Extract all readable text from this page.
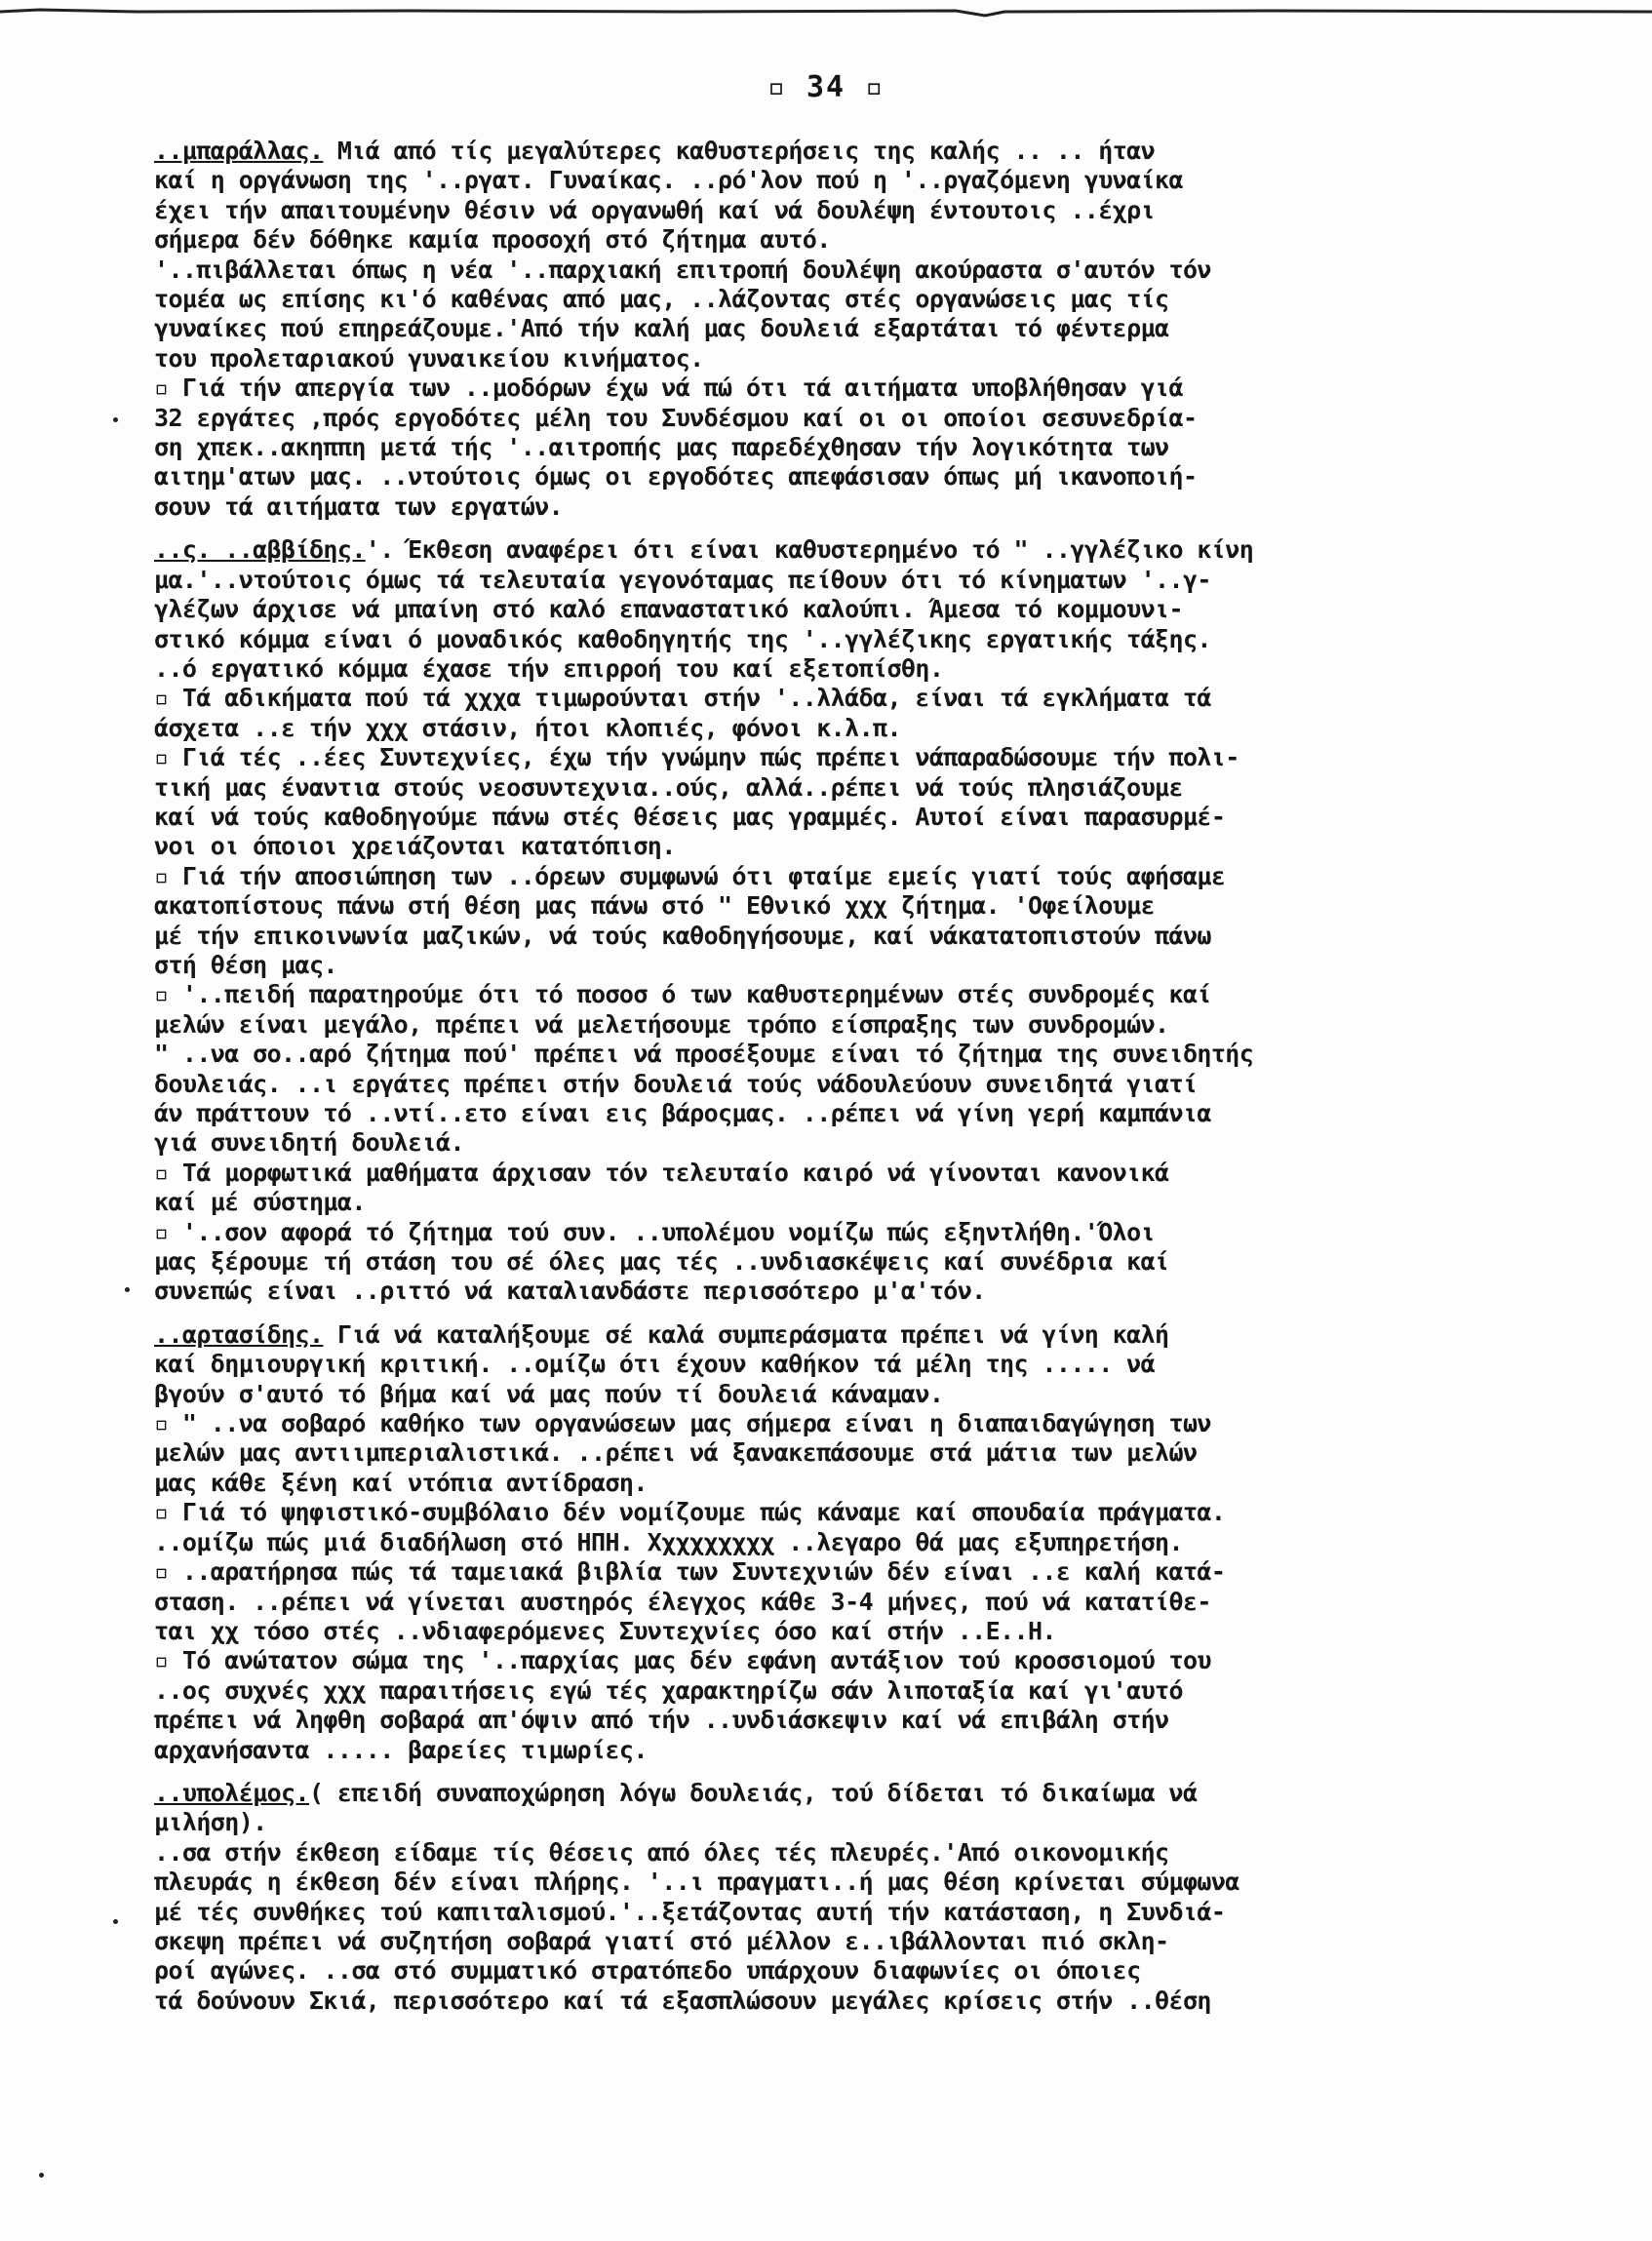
▫ 34 ▫
..μπαράλλας. Μιά από τίς μεγαλύτερες καθυστερήσεις της καλής .. .. ήταν
καί η οργάνωση της '..ργατ. Γυναίκας. ..ρό'λον πού η '..ργαζόμενη γυναίκα
έχει τήν απαιτουμένην θέσιν νά οργανωθή καί νά δουλέψη έντουτοις ..έχρι
σήμερα δέν δόθηκε καμία προσοχή στό ζήτημα αυτό.
'..πιβάλλεται όπως η νέα '..παρχιακή επιτροπή δουλέψη ακούραστα σ'αυτόν τόν
τομέα ως επίσης κι'ό καθένας από μας, ..λάζοντας στές οργανώσεις μας τίς
γυναίκες πού επηρεάζουμε.'Από τήν καλή μας δουλειά εξαρτάται τό φέντερμα
του προλεταριακού γυναικείου κινήματος.
▫ Γιά τήν απεργία των ..μοδόρων έχω νά πώ ότι τά αιτήματα υποβλήθησαν γιά
32 εργάτες ,πρός εργοδότες μέλη του Συνδέσμου καί οι οι οποίοι σεσυνεδρία-
ση χπεκ..ακηππη μετά τής '..αιτροπής μας παρεδέχθησαν τήν λογικότητα των
αιτημ'ατων μας. ..ντούτοις όμως οι εργοδότες απεφάσισαν όπως μή ικανοποιή-
σουν τά αιτήματα των εργατών.
..ς. ..αββίδης.'. Έκθεση αναφέρει ότι είναι καθυστερημένο τό " ..γγλέζικο κίνη
μα.'..ντούτοις όμως τά τελευταία γεγονόταμας πείθουν ότι τό κίνηματων '..γ-
γλέζων άρχισε νά μπαίνη στό καλό επαναστατικό καλούπι. Άμεσα τό κομμουνι-
στικό κόμμα είναι ό μοναδικός καθοδηγητής της '..γγλέζικης εργατικής τάξης.
..ό εργατικό κόμμα έχασε τήν επιρροή του καί εξετοπίσθη.
▫ Τά αδικήματα πού τά χχχα τιμωρούνται στήν '..λλάδα, είναι τά εγκλήματα τά
άσχετα ..ε τήν χχχ στάσιν, ήτοι κλοπιές, φόνοι κ.λ.π.
▫ Γιά τές ..έες Συντεχνίες, έχω τήν γνώμην πώς πρέπει νάπαραδώσουμε τήν πολι-
τική μας έναντια στούς νεοσυντεχνια..ούς, αλλά..ρέπει νά τούς πλησιάζουμε
καί νά τούς καθοδηγούμε πάνω στές θέσεις μας γραμμές. Αυτοί είναι παρασυρμέ-
νοι οι όποιοι χρειάζονται κατατόπιση.
▫ Γιά τήν αποσιώπηση των ..όρεων συμφωνώ ότι φταίμε εμείς γιατί τούς αφήσαμε
ακατοπίστους πάνω στή θέση μας πάνω στό " Εθνικό χχχ ζήτημα. 'Οφείλουμε
μέ τήν επικοινωνία μαζικών, νά τούς καθοδηγήσουμε, καί νάκατατοπιστούν πάνω
στή θέση μας.
▫ '..πειδή παρατηρούμε ότι τό ποσοσ ό των καθυστερημένων στές συνδρομές καί
μελών είναι μεγάλο, πρέπει νά μελετήσουμε τρόπο είσπραξης των συνδρομών.
" ..να σο..αρό ζήτημα πού' πρέπει νά προσέξουμε είναι τό ζήτημα της συνειδητής
δουλειάς. ..ι εργάτες πρέπει στήν δουλειά τούς νάδουλεύουν συνειδητά γιατί
άν πράττουν τό ..ντί..ετο είναι εις βάροςμας. ..ρέπει νά γίνη γερή καμπάνια
γιά συνειδητή δουλειά.
▫ Τά μορφωτικά μαθήματα άρχισαν τόν τελευταίο καιρό νά γίνονται κανονικά
καί μέ σύστημα.
▫ '..σον αφορά τό ζήτημα τού συν. ..υπολέμου νομίζω πώς εξηντλήθη.'Όλοι
μας ξέρουμε τή στάση του σέ όλες μας τές ..υνδιασκέψεις καί συνέδρια καί
συνεπώς είναι ..ριττό νά καταλιανδάστε περισσότερο μ'α'τόν.
..αρτασίδης. Γιά νά καταλήξουμε σέ καλά συμπεράσματα πρέπει νά γίνη καλή
καί δημιουργική κριτική. ..ομίζω ότι έχουν καθήκον τά μέλη της ..... νά
βγούν σ'αυτό τό βήμα καί νά μας πούν τί δουλειά κάναμαν.
▫ " ..να σοβαρό καθήκο των οργανώσεων μας σήμερα είναι η διαπαιδαγώγηση των
μελών μας αντιιμπεριαλιστικά. ..ρέπει νά ξανακεπάσουμε στά μάτια των μελών
μας κάθε ξένη καί ντόπια αντίδραση.
▫ Γιά τό ψηφιστικό-συμβόλαιο δέν νομίζουμε πώς κάναμε καί σπουδαία πράγματα.
..ομίζω πώς μιά διαδήλωση στό ΗΠΗ. Χχχχχχχχχ ..λεγαρο θά μας εξυπηρετήση.
▫ ..αρατήρησα πώς τά ταμειακά βιβλία των Συντεχνιών δέν είναι ..ε καλή κατά-
σταση. ..ρέπει νά γίνεται αυστηρός έλεγχος κάθε 3-4 μήνες, πού νά κατατίθε-
ται χχ τόσο στές ..νδιαφερόμενες Συντεχνίες όσο καί στήν ..Ε..Η.
▫ Τό ανώτατον σώμα της '..παρχίας μας δέν εφάνη αντάξιον τού κροσσιομού του
..ος συχνές χχχ παραιτήσεις εγώ τές χαρακτηρίζω σάν λιποταξία καί γι'αυτό
πρέπει νά ληφθη σοβαρά απ'όψιν από τήν ..υνδιάσκεψιν καί νά επιβάλη στήν
αρχανήσαντα ..... βαρείες τιμωρίες.
..υπολέμος.( επειδή συναποχώρηση λόγω δουλειάς, τού δίδεται τό δικαίωμα νά
μιλήση).
..σα στήν έκθεση είδαμε τίς θέσεις από όλες τές πλευρές.'Από οικονομικής
πλευράς η έκθεση δέν είναι πλήρης. '..ι πραγματι..ή μας θέση κρίνεται σύμφωνα
μέ τές συνθήκες τού καπιταλισμού.'..ξετάζοντας αυτή τήν κατάσταση, η Συνδιά-
σκεψη πρέπει νά συζητήση σοβαρά γιατί στό μέλλον ε..ιβάλλονται πιό σκλη-
ροί αγώνες. ..σα στό συμματικό στρατόπεδο υπάρχουν διαφωνίες οι όποιες
τά δούνουν Σκιά, περισσότερο καί τά εξασπλώσουν μεγάλες κρίσεις στήν ..θέση
